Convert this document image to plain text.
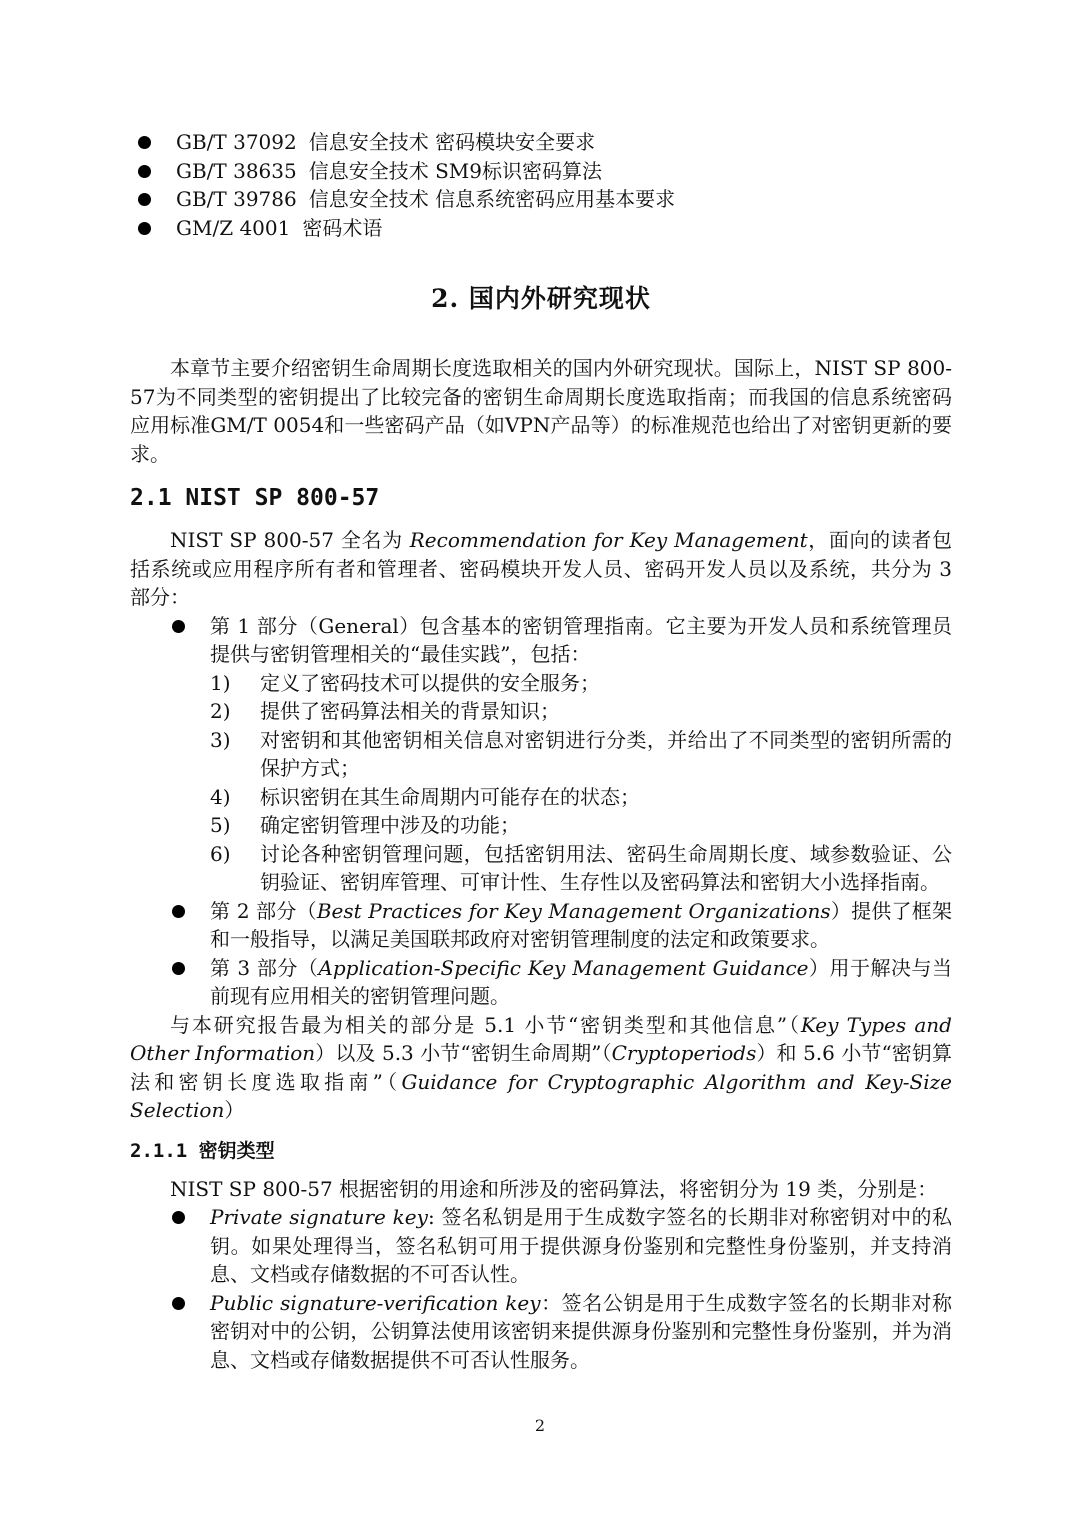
GB/T 37092 信息安全技术 密码模块安全要求
GB/T 38635 信息安全技术 SM9标识密码算法
GB/T 39786 信息安全技术 信息系统密码应用基本要求
GM/Z 4001 密码术语
2. 国内外研究现状

本章节主要介绍密钥生命周期长度选取相关的国内外研究现状。国际上，NIST SP 800-57为不同类型的密钥提出了比较完备的密钥生命周期长度选取指南；而我国的信息系统密码应用标准GM/T 0054和一些密码产品（如VPN产品等）的标准规范也给出了对密钥更新的要求。

2.1 NIST SP 800-57

NIST SP 800-57 全名为 Recommendation for Key Management，面向的读者包括系统或应用程序所有者和管理者、密码模块开发人员、密码开发人员以及系统，共分为 3 部分：

第 1 部分（General）包含基本的密钥管理指南。它主要为开发人员和系统管理员提供与密钥管理相关的“最佳实践”，包括：
1) 定义了密码技术可以提供的安全服务；
2) 提供了密码算法相关的背景知识；
3) 对密钥和其他密钥相关信息对密钥进行分类，并给出了不同类型的密钥所需的保护方式；
4) 标识密钥在其生命周期内可能存在的状态；
5) 确定密钥管理中涉及的功能；
6) 讨论各种密钥管理问题，包括密钥用法、密码生命周期长度、域参数验证、公钥验证、密钥库管理、可审计性、生存性以及密码算法和密钥大小选择指南。
第 2 部分（Best Practices for Key Management Organizations）提供了框架和一般指导，以满足美国联邦政府对密钥管理制度的法定和政策要求。
第 3 部分（Application-Specific Key Management Guidance）用于解决与当前现有应用相关的密钥管理问题。

与本研究报告最为相关的部分是 5.1 小节“密钥类型和其他信息”（Key Types and Other Information）以及 5.3 小节“密钥生命周期”（Cryptoperiods）和 5.6 小节“密钥算法和密钥长度选取指南”（Guidance for Cryptographic Algorithm and Key-Size Selection）

2.1.1 密钥类型

NIST SP 800-57 根据密钥的用途和所涉及的密码算法，将密钥分为 19 类，分别是：

Private signature key: 签名私钥是用于生成数字签名的长期非对称密钥对中的私钥。如果处理得当，签名私钥可用于提供源身份鉴别和完整性身份鉴别，并支持消息、文档或存储数据的不可否认性。
Public signature-verification key：签名公钥是用于生成数字签名的长期非对称密钥对中的公钥，公钥算法使用该密钥来提供源身份鉴别和完整性身份鉴别，并为消息、文档或存储数据提供不可否认性服务。
2
